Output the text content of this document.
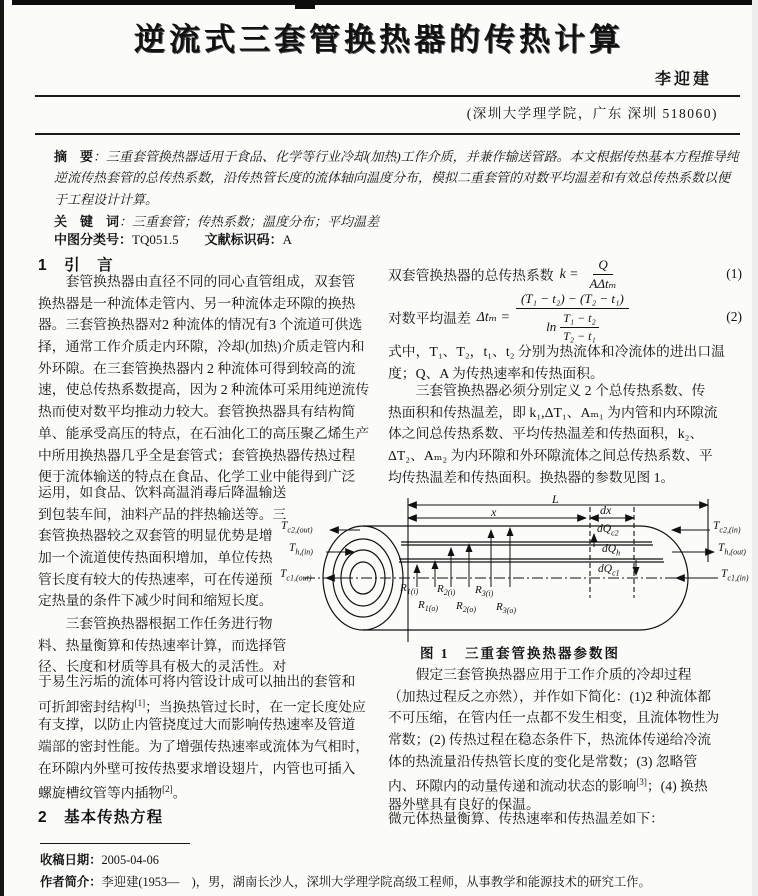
逆流式三套管换热器的传热计算
李迎建
(深圳大学理学院，广东 深圳 518060)
摘　要：三重套管换热器适用于食品、化学等行业冷却(加热)工作介质，并兼作输送管路。本文根据传热基本方程推导纯
逆流传热套管的总传热系数，沿传热管长度的流体轴向温度分布，模拟二重套管的对数平均温差和有效总传热系数以便
于工程设计计算。
关　键　词：三重套管；传热系数；温度分布；平均温差
中图分类号：TQ051.5　　文献标识码：A
1　引　言
　　套管换热器由直径不同的同心直管组成，双套管
换热器是一种流体走管内、另一种流体走环隙的换热
器。三套管换热器对2 种流体的情况有3 个流道可供选
择，通常工作介质走内环隙，冷却(加热)介质走管内和
外环隙。在三套管换热器内 2 种流体可得到较高的流
速，使总传热系数提高，因为 2 种流体可采用纯逆流传
热而使对数平均推动力较大。套管换热器具有结构简
单、能承受高压的特点，在石油化工的高压聚乙烯生产
中所用换热器几乎全是套管式；套管换热器传热过程
便于流体输送的特点在食品、化学工业中能得到广泛
运用，如食品、饮料高温消毒后降温输送
到包装车间，油料产品的拌热输送等。三
套管换热器较之双套管的明显优势是增
加一个流道使传热面积增加，单位传热
管长度有较大的传热速率，可在传递预
定热量的条件下减少时间和缩短长度。
　　三套管换热器根据工作任务进行物
料、热量衡算和传热速率计算，而选择管
径、长度和材质等具有极大的灵活性。对
于易生污垢的流体可将内管设计成可以抽出的套管和
可折卸密封结构[1]；当换热管过长时，在一定长度处应
有支撑，以防止内管挠度过大而影响传热速率及管道
端部的密封性能。为了增强传热速率或流体为气相时，
在环隙内外壁可按传热要求增设翅片，内管也可插入
螺旋槽纹管等内插物[2]。
2　基本传热方程
双套管换热器的总传热系数 $k = \frac{Q}{\text{AΔtₘ}}$	(1)
对数平均温差 Δtₘ = (T₁ − t₂) − (T₂ − t₁)
ln
T₁ − t₂
T₂ − t₁	(2)
式中，T₁、T₂，t₁、t₂ 分别为热流体和冷流体的进出口温
度；Q、A 为传热速率和传热面积。
　　三套管换热器必须分别定义 2 个总传热系数、传
热面积和传热温差，即 k₁,ΔT₁、Aₘ₁ 为内管和内环隙流
体之间总传热系数、平均传热温差和传热面积，k₂、
ΔT₂、Aₘ₂ 为内环隙和外环隙流体之间总传热系数、平
均传热温差和传热面积。换热器的参数见图 1。
L
x	dx
$T_{c2,(out)}$
$T_{h,(in)}$
$T_{c1,(out)}$
$T_{c2,(in)}$
$T_{h,(out)}$
$T_{c1,(in)}$
$dQ_{c2}$
$dQ_h$
$dQ_{c1}$
$R_{1(i)}$ $R_{2(i)}$ $R_{3(i)}$
$R_{1(o)}$ $R_{2(o)}$ $R_{3(o)}$
图 1　三重套管换热器参数图
　　假定三套管换热器应用于工作介质的冷却过程
（加热过程反之亦然），并作如下简化：(1)2 种流体都
不可压缩，在管内任一点都不发生相变，且流体物性为
常数；(2) 传热过程在稳态条件下，热流体传递给冷流
体的热流量沿传热管长度的变化是常数；(3) 忽略管
内、环隙内的动量传递和流动状态的影响[3]；(4) 换热
器外壁具有良好的保温。
微元体热量衡算、传热速率和传热温差如下：
收稿日期：2005-04-06
作者简介：李迎建(1953—　)，男，湖南长沙人，深圳大学理学院高级工程师，从事教学和能源技术的研究工作。
